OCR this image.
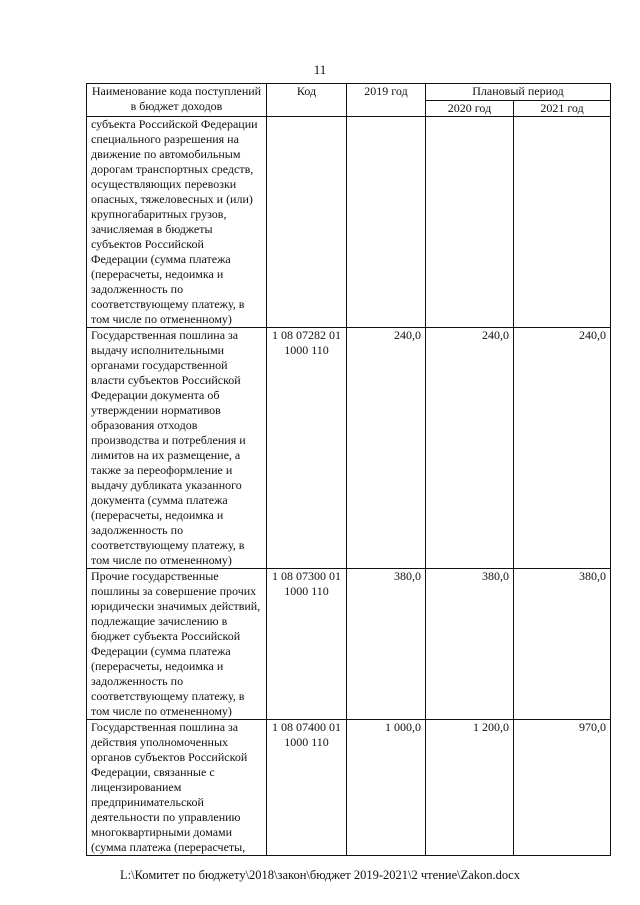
11
Наименование кода поступлений в бюджет доходов	Код	2019 год	Плановый период	
			2020 год	2021 год
субъекта Российской Федерации специального разрешения на движение по автомобильным дорогам транспортных средств, осуществляющих перевозки опасных, тяжеловесных и (или) крупногабаритных грузов, зачисляемая в бюджеты субъектов Российской Федерации (сумма платежа (перерасчеты, недоимка и задолженность по соответствующему платежу, в том числе по отмененному)				
Государственная пошлина за выдачу исполнительными органами государственной власти субъектов Российской Федерации документа об утверждении нормативов образования отходов производства и потребления и лимитов на их размещение, а также за переоформление и выдачу дубликата указанного документа (сумма платежа (перерасчеты, недоимка и задолженность по соответствующему платежу, в том числе по отмененному)	1 08 07282 01 1000 110	240,0	240,0	240,0
Прочие государственные пошлины за совершение прочих юридически значимых действий, подлежащие зачислению в бюджет субъекта Российской Федерации (сумма платежа (перерасчеты, недоимка и задолженность по соответствующему платежу, в том числе по отмененному)	1 08 07300 01 1000 110	380,0	380,0	380,0
Государственная пошлина за действия уполномоченных органов субъектов Российской Федерации, связанные с лицензированием предпринимательской деятельности по управлению многоквартирными домами (сумма платежа (перерасчеты,	1 08 07400 01 1000 110	1 000,0	1 200,0	970,0
L:\Комитет по бюджету\2018\закон\бюджет 2019-2021\2 чтение\Zakon.docx
